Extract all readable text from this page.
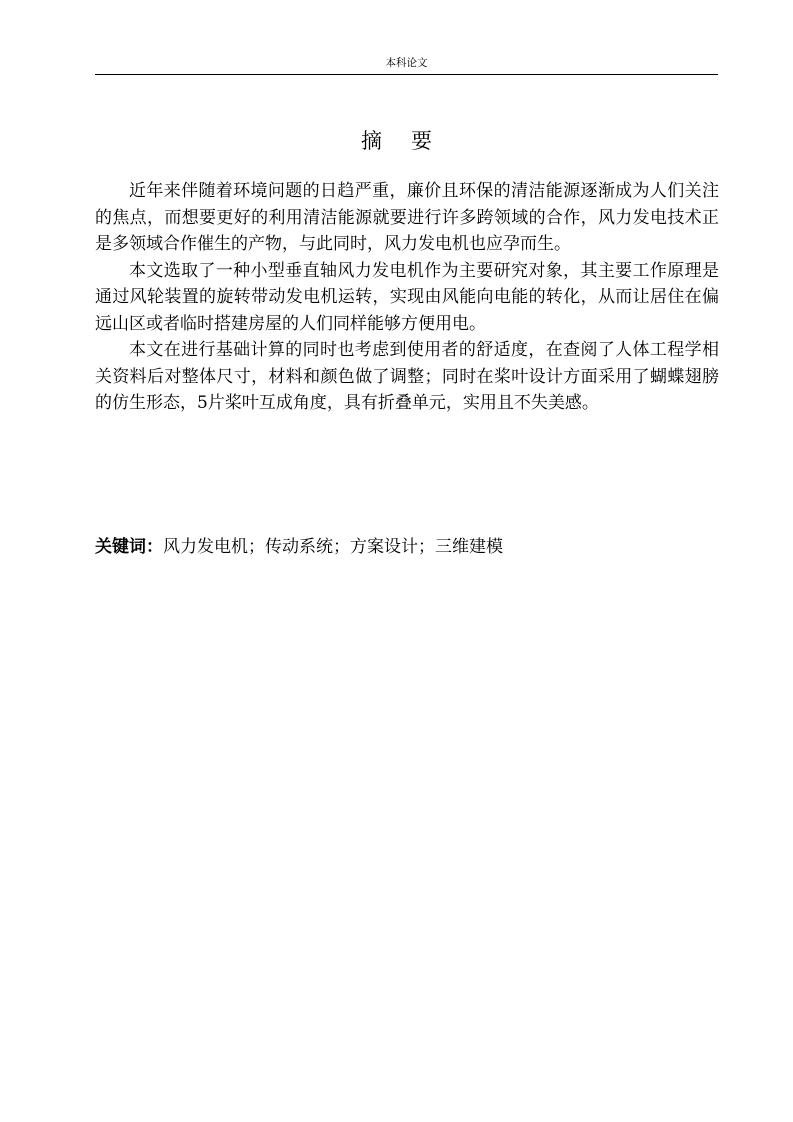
本科论文
摘要

近年来伴随着环境问题的日趋严重，廉价且环保的清洁能源逐渐成为人们关注的焦点，而想要更好的利用清洁能源就要进行许多跨领域的合作，风力发电技术正是多领域合作催生的产物，与此同时，风力发电机也应孕而生。

本文选取了一种小型垂直轴风力发电机作为主要研究对象，其主要工作原理是通过风轮装置的旋转带动发电机运转，实现由风能向电能的转化，从而让居住在偏远山区或者临时搭建房屋的人们同样能够方便用电。

本文在进行基础计算的同时也考虑到使用者的舒适度，在查阅了人体工程学相关资料后对整体尺寸，材料和颜色做了调整；同时在桨叶设计方面采用了蝴蝶翅膀的仿生形态，5片桨叶互成角度，具有折叠单元，实用且不失美感。

关键词：风力发电机；传动系统；方案设计；三维建模
